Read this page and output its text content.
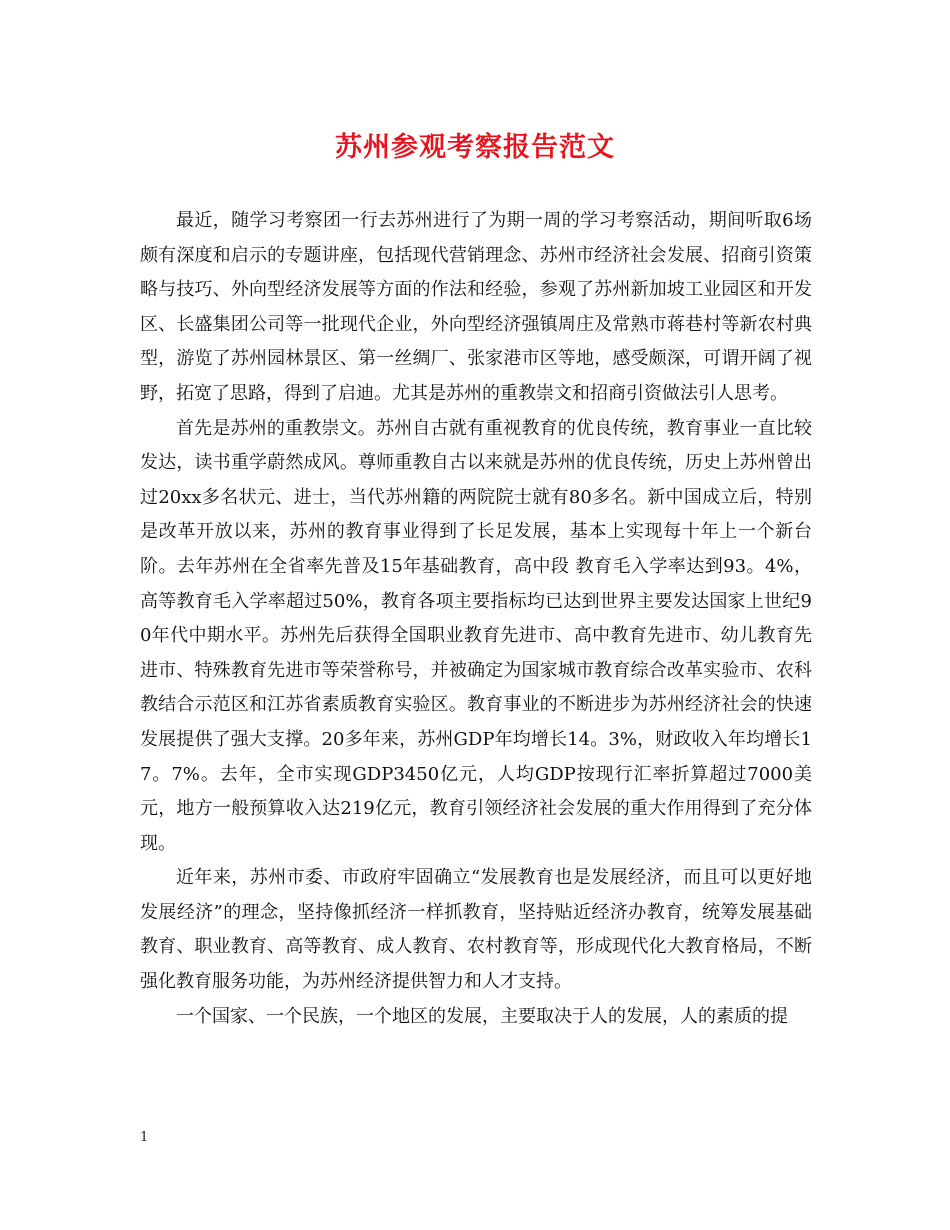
苏州参观考察报告范文

最近，随学习考察团一行去苏州进行了为期一周的学习考察活动，期间听取6场颇有深度和启示的专题讲座，包括现代营销理念、苏州市经济社会发展、招商引资策略与技巧、外向型经济发展等方面的作法和经验，参观了苏州新加坡工业园区和开发区、长盛集团公司等一批现代企业，外向型经济强镇周庄及常熟市蒋巷村等新农村典型，游览了苏州园林景区、第一丝绸厂、张家港市区等地，感受颇深，可谓开阔了视野，拓宽了思路，得到了启迪。尤其是苏州的重教崇文和招商引资做法引人思考。

首先是苏州的重教崇文。苏州自古就有重视教育的优良传统，教育事业一直比较发达，读书重学蔚然成风。尊师重教自古以来就是苏州的优良传统，历史上苏州曾出过20xx多名状元、进士，当代苏州籍的两院院士就有80多名。新中国成立后，特别是改革开放以来，苏州的教育事业得到了长足发展，基本上实现每十年上一个新台阶。去年苏州在全省率先普及15年基础教育，高中段 教育毛入学率达到93。4%，高等教育毛入学率超过50%，教育各项主要指标均已达到世界主要发达国家上世纪90年代中期水平。苏州先后获得全国职业教育先进市、高中教育先进市、幼儿教育先进市、特殊教育先进市等荣誉称号，并被确定为国家城市教育综合改革实验市、农科教结合示范区和江苏省素质教育实验区。教育事业的不断进步为苏州经济社会的快速发展提供了强大支撑。20多年来，苏州GDP年均增长14。3%，财政收入年均增长17。7%。去年，全市实现GDP3450亿元，人均GDP按现行汇率折算超过7000美元，地方一般预算收入达219亿元，教育引领经济社会发展的重大作用得到了充分体现。

近年来，苏州市委、市政府牢固确立“发展教育也是发展经济，而且可以更好地发展经济”的理念，坚持像抓经济一样抓教育，坚持贴近经济办教育，统筹发展基础教育、职业教育、高等教育、成人教育、农村教育等，形成现代化大教育格局，不断强化教育服务功能，为苏州经济提供智力和人才支持。

一个国家、一个民族，一个地区的发展，主要取决于人的发展，人的素质的提

1
